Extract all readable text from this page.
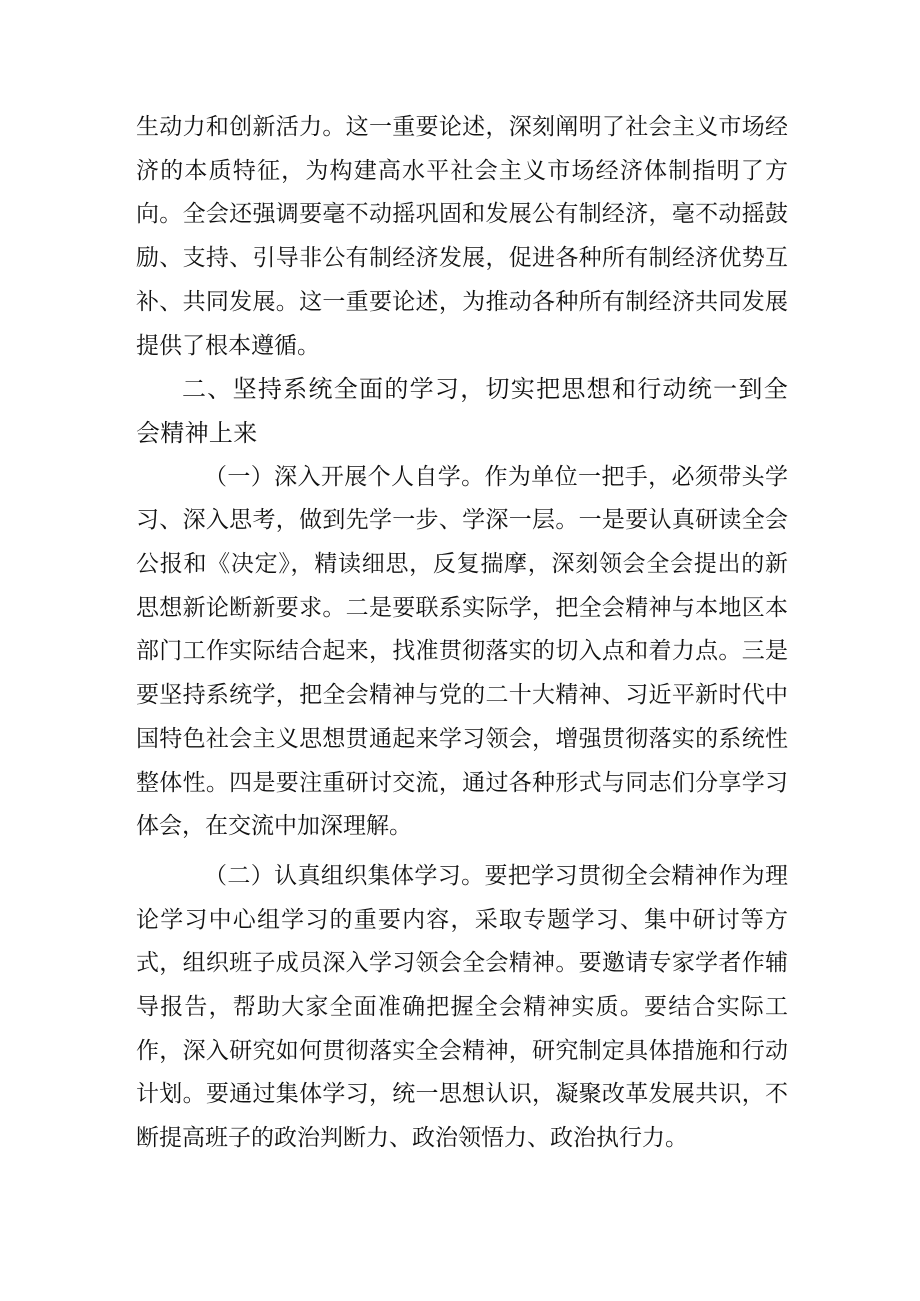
生动力和创新活力。这一重要论述，深刻阐明了社会主义市场经济的本质特征，为构建高水平社会主义市场经济体制指明了方向。全会还强调要毫不动摇巩固和发展公有制经济，毫不动摇鼓励、支持、引导非公有制经济发展，促进各种所有制经济优势互补、共同发展。这一重要论述，为推动各种所有制经济共同发展提供了根本遵循。

二、坚持系统全面的学习，切实把思想和行动统一到全会精神上来

（一）深入开展个人自学。作为单位一把手，必须带头学习、深入思考，做到先学一步、学深一层。一是要认真研读全会公报和《决定》，精读细思，反复揣摩，深刻领会全会提出的新思想新论断新要求。二是要联系实际学，把全会精神与本地区本部门工作实际结合起来，找准贯彻落实的切入点和着力点。三是要坚持系统学，把全会精神与党的二十大精神、习近平新时代中国特色社会主义思想贯通起来学习领会，增强贯彻落实的系统性整体性。四是要注重研讨交流，通过各种形式与同志们分享学习体会，在交流中加深理解。

（二）认真组织集体学习。要把学习贯彻全会精神作为理论学习中心组学习的重要内容，采取专题学习、集中研讨等方式，组织班子成员深入学习领会全会精神。要邀请专家学者作辅导报告，帮助大家全面准确把握全会精神实质。要结合实际工作，深入研究如何贯彻落实全会精神，研究制定具体措施和行动计划。要通过集体学习，统一思想认识，凝聚改革发展共识，不断提高班子的政治判断力、政治领悟力、政治执行力。
